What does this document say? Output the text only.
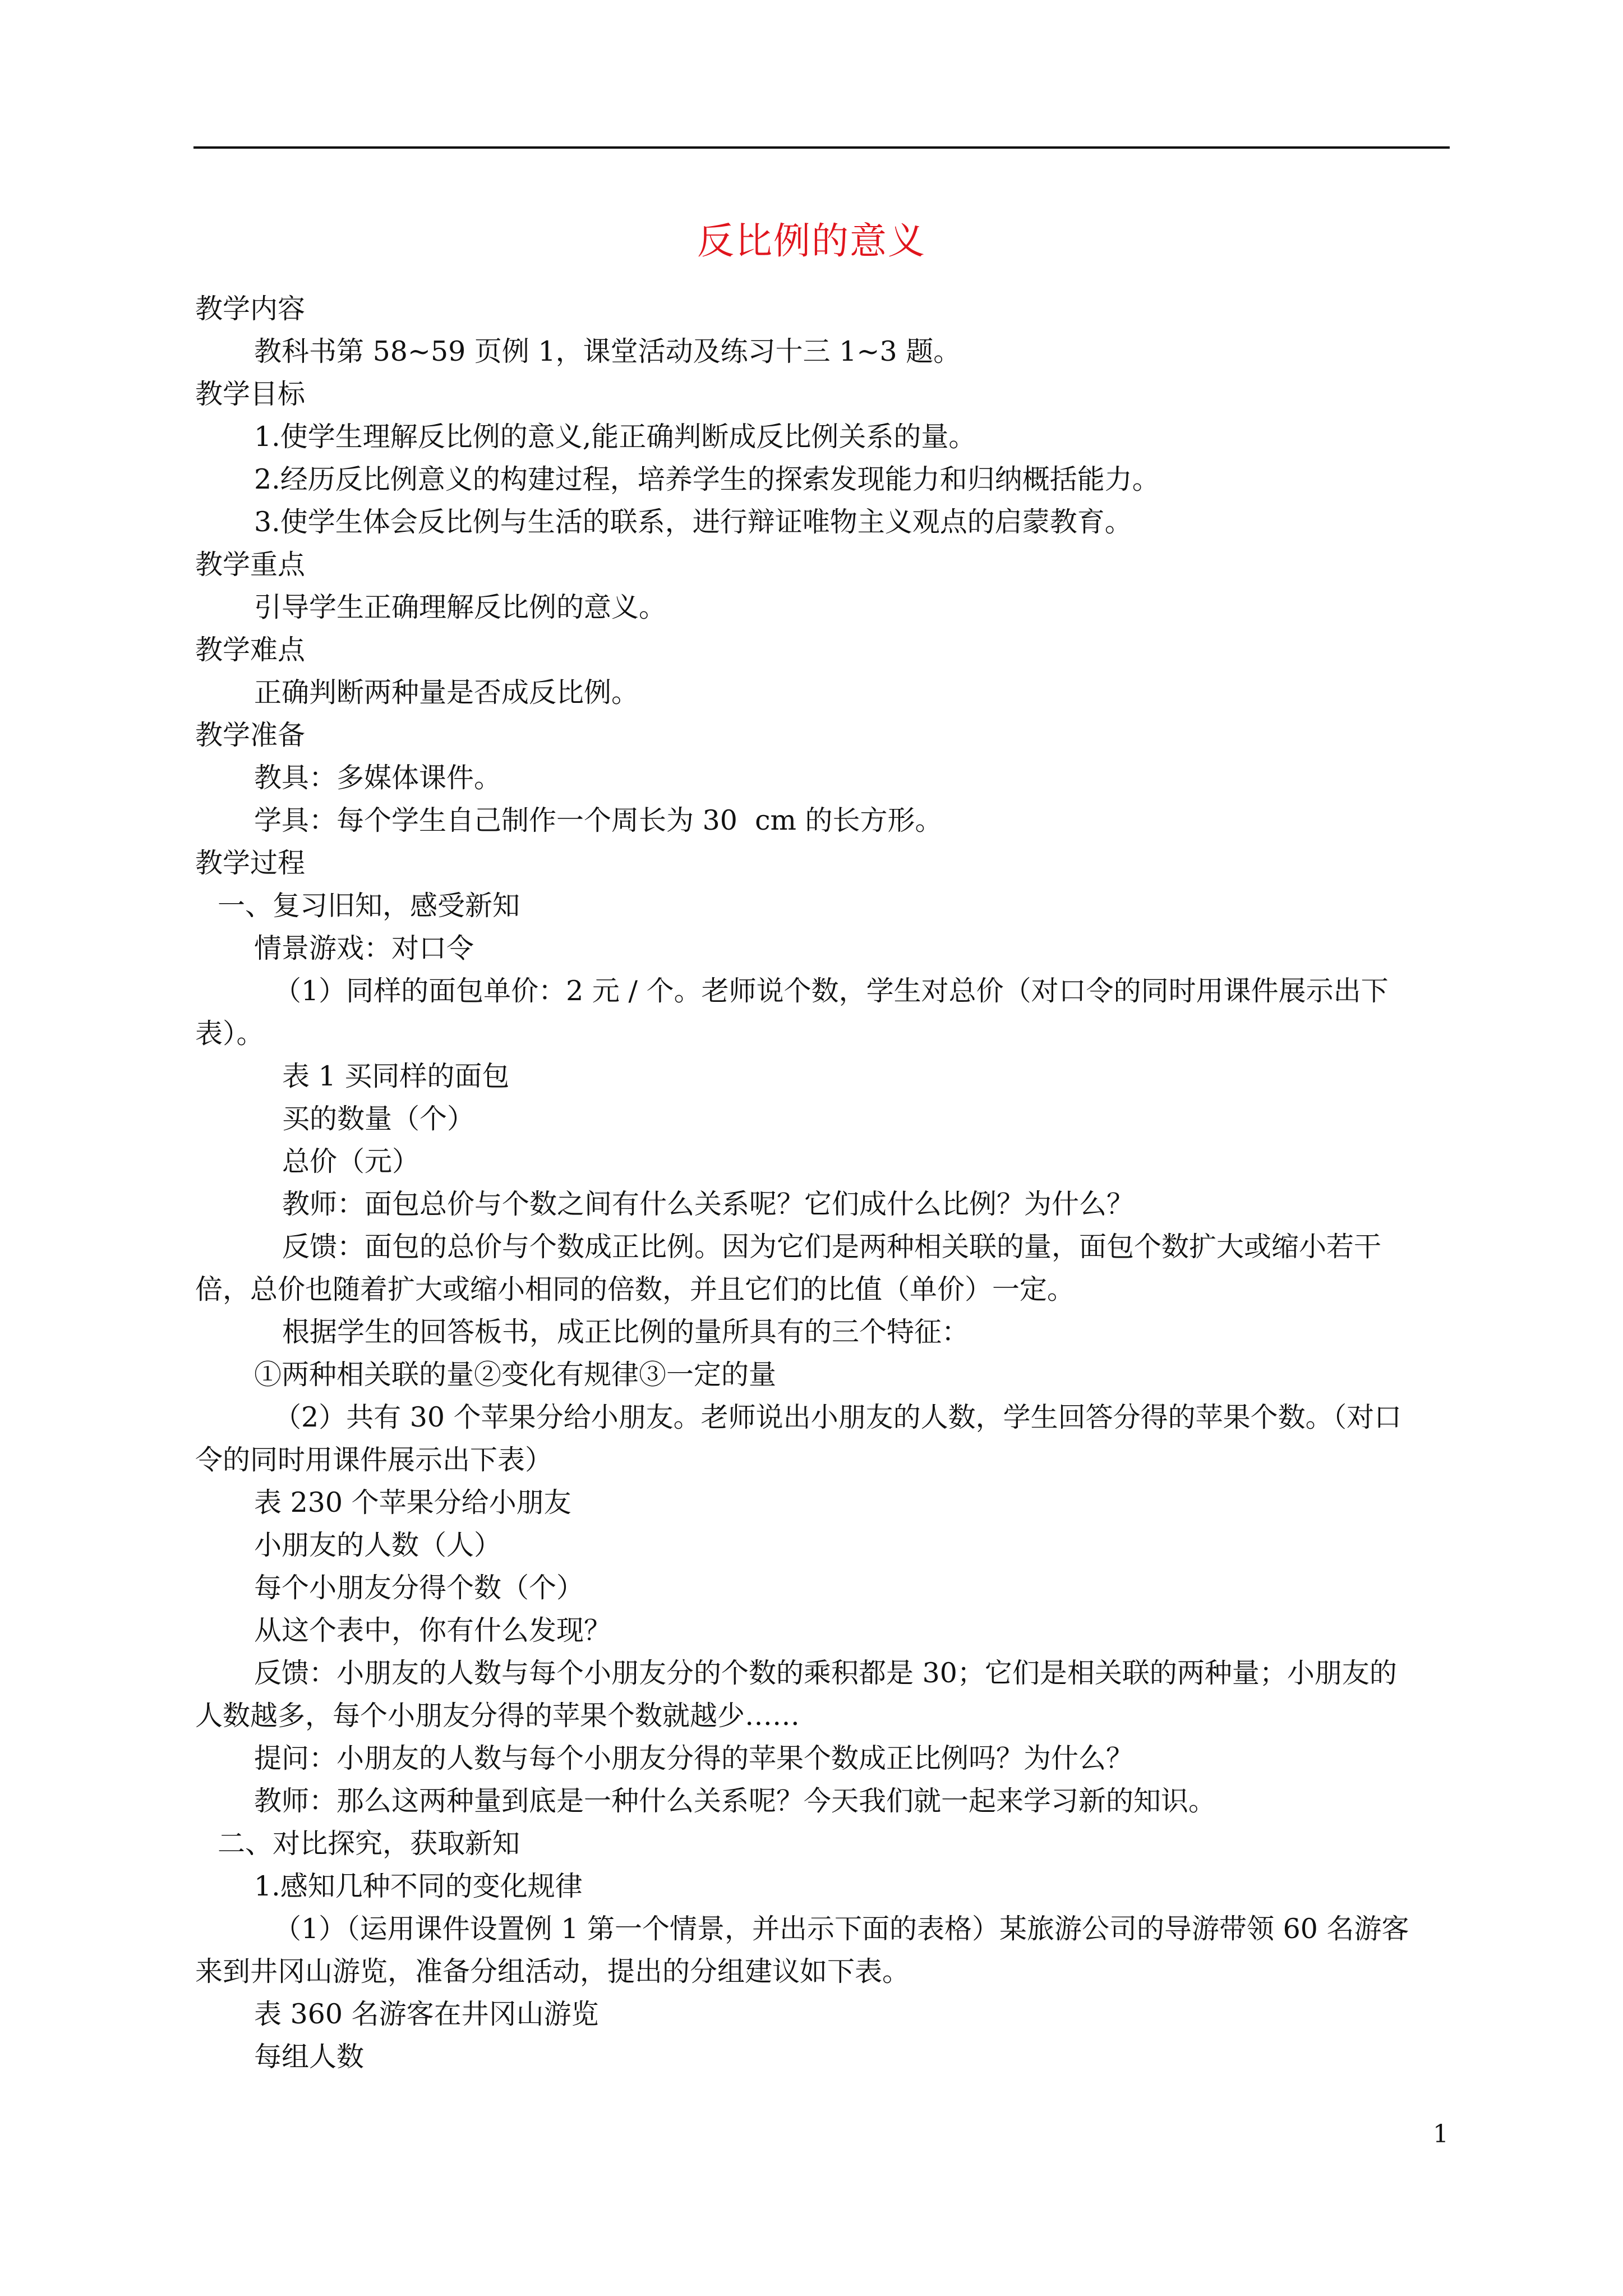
反比例的意义
教学内容
教科书第 58~59 页例 1，课堂活动及练习十三 1~3 题。
教学目标
1.使学生理解反比例的意义,能正确判断成反比例关系的量。
2.经历反比例意义的构建过程，培养学生的探索发现能力和归纳概括能力。
3.使学生体会反比例与生活的联系，进行辩证唯物主义观点的启蒙教育。
教学重点
引导学生正确理解反比例的意义。
教学难点
正确判断两种量是否成反比例。
教学准备
教具：多媒体课件。
学具：每个学生自己制作一个周长为 30  cm 的长方形。
教学过程
一、复习旧知，感受新知
情景游戏：对口令
（1）同样的面包单价：2 元 / 个。老师说个数，学生对总价（对口令的同时用课件展示出下
表）。
表 1 买同样的面包
买的数量（个）
总价（元）
教师：面包总价与个数之间有什么关系呢？它们成什么比例？为什么？
反馈：面包的总价与个数成正比例。因为它们是两种相关联的量，面包个数扩大或缩小若干
倍，总价也随着扩大或缩小相同的倍数，并且它们的比值（单价）一定。
根据学生的回答板书，成正比例的量所具有的三个特征：
①两种相关联的量②变化有规律③一定的量
（2）共有 30 个苹果分给小朋友。老师说出小朋友的人数，学生回答分得的苹果个数。（对口
令的同时用课件展示出下表）
表 230 个苹果分给小朋友
小朋友的人数（人）
每个小朋友分得个数（个）
从这个表中，你有什么发现？
反馈：小朋友的人数与每个小朋友分的个数的乘积都是 30；它们是相关联的两种量；小朋友的
人数越多，每个小朋友分得的苹果个数就越少……
提问：小朋友的人数与每个小朋友分得的苹果个数成正比例吗？为什么？
教师：那么这两种量到底是一种什么关系呢？今天我们就一起来学习新的知识。
二、对比探究，获取新知
1.感知几种不同的变化规律
（1）（运用课件设置例 1 第一个情景，并出示下面的表格）某旅游公司的导游带领 60 名游客
来到井冈山游览，准备分组活动，提出的分组建议如下表。
表 360 名游客在井冈山游览
每组人数
1
